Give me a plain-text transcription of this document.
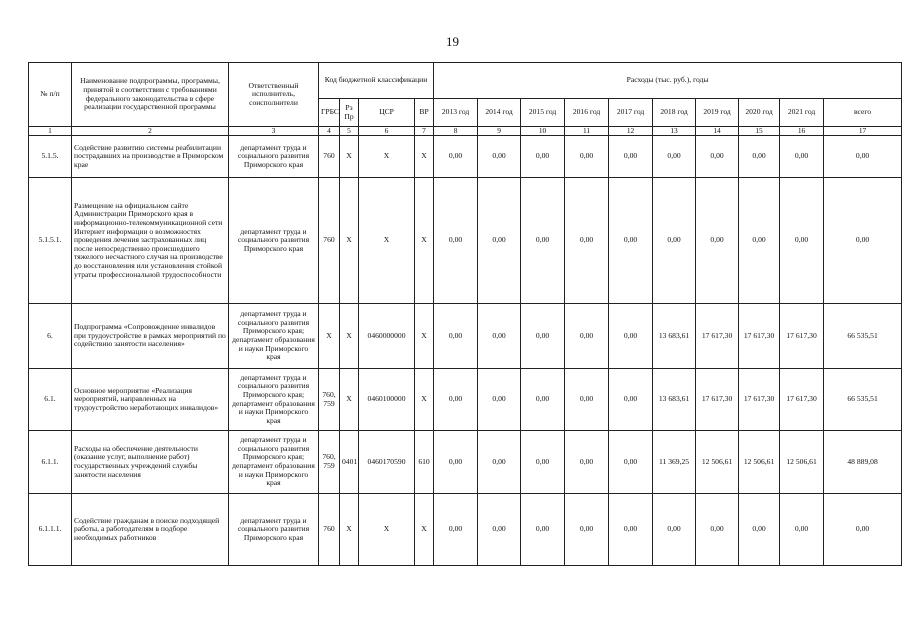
19
№ п/п	Наименование подпрограммы, программы, принятой в соответствии с требованиями федерального законодательства в сфере реализации государственной программы	Ответственный исполнитель, соисполнители	Код бюджетной классификации				Расходы (тыс. руб.), годы									
			ГРБС	Рз Пр	ЦСР	ВР	2013 год	2014 год	2015 год	2016 год	2017 год	2018 год	2019 год	2020 год	2021 год	всего
1	2	3	4	5	6	7	8	9	10	11	12	13	14	15	16	17
5.1.5.	Содействие развитию системы реабилитации пострадавших на производстве в Приморском крае	департамент труда и социального развития Приморского края	760	Х	Х	Х	0,00	0,00	0,00	0,00	0,00	0,00	0,00	0,00	0,00	0,00
5.1.5.1.	Размещение на официальном сайте Администрации Приморского края в информационно-телекоммуникационной сети Интернет информации о возможностях проведения лечения застрахованных лиц после непосредственно происшедшего тяжелого несчастного случая на производстве до восстановления или установления стойкой утраты профессиональной трудоспособности	департамент труда и социального развития Приморского края	760	Х	Х	Х	0,00	0,00	0,00	0,00	0,00	0,00	0,00	0,00	0,00	0,00
6.	Подпрограмма «Сопровождение инвалидов при трудоустройстве в рамках мероприятий по содействию занятости населения»	департамент труда и социального развития Приморского края; департамент образования и науки Приморского края	Х	Х	0460000000	Х	0,00	0,00	0,00	0,00	0,00	13 683,61	17 617,30	17 617,30	17 617,30	66 535,51
6.1.	Основное мероприятие «Реализация мероприятий, направленных на трудоустройство неработающих инвалидов»	департамент труда и социального развития Приморского края; департамент образования и науки Приморского края	760, 759	Х	0460100000	Х	0,00	0,00	0,00	0,00	0,00	13 683,61	17 617,30	17 617,30	17 617,30	66 535,51
6.1.1.	Расходы на обеспечение деятельности (оказание услуг, выполнение работ) государственных учреждений службы занятости населения	департамент труда и социального развития Приморского края; департамент образования и науки Приморского края	760, 759	0401	0460170590	610	0,00	0,00	0,00	0,00	0,00	11 369,25	12 506,61	12 506,61	12 506,61	48 889,08
6.1.1.1.	Содействие гражданам в поиске подходящей работы, а работодателям в подборе необходимых работников	департамент труда и социального развития Приморского края	760	Х	Х	Х	0,00	0,00	0,00	0,00	0,00	0,00	0,00	0,00	0,00	0,00
